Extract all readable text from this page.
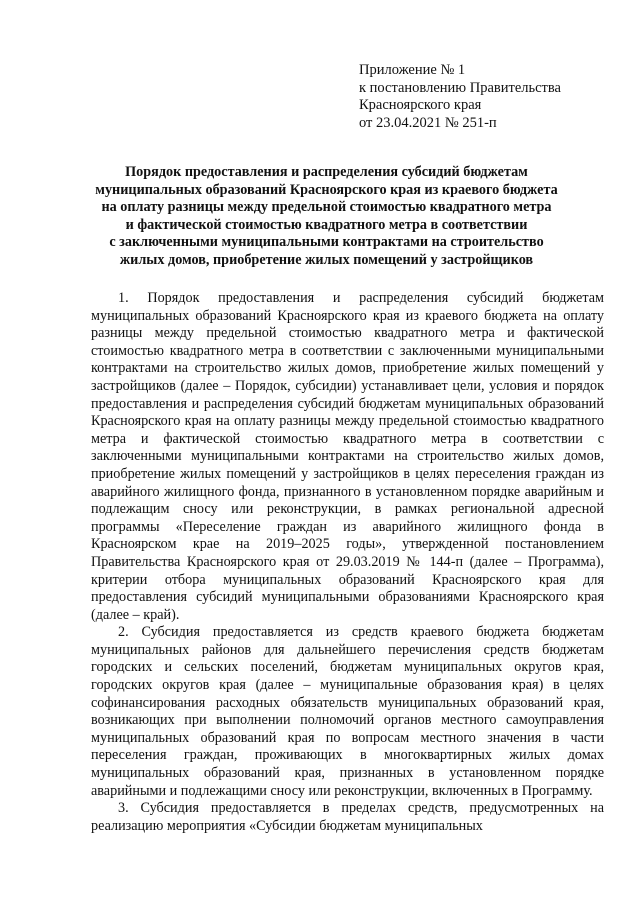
Приложение № 1
к постановлению Правительства
Красноярского края
от 23.04.2021 № 251-п
Порядок предоставления и распределения субсидий бюджетам
муниципальных образований Красноярского края из краевого бюджета
на оплату разницы между предельной стоимостью квадратного метра
и фактической стоимостью квадратного метра в соответствии
с заключенными муниципальными контрактами на строительство
жилых домов, приобретение жилых помещений у застройщиков

1. Порядок предоставления и распределения субсидий бюджетам муниципальных образований Красноярского края из краевого бюджета на оплату разницы между предельной стоимостью квадратного метра и фактической стоимостью квадратного метра в соответствии с заключенными муниципальными контрактами на строительство жилых домов, приобретение жилых помещений у застройщиков (далее – Порядок, субсидии) устанавливает цели, условия и порядок предоставления и распределения субсидий бюджетам муниципальных образований Красноярского края на оплату разницы между предельной стоимостью квадратного метра и фактической стоимостью квадратного метра в соответствии с заключенными муниципальными контрактами на строительство жилых домов, приобретение жилых помещений у застройщиков в целях переселения граждан из аварийного жилищного фонда, признанного в установленном порядке аварийным и подлежащим сносу или реконструкции, в рамках региональной адресной программы «Переселение граждан из аварийного жилищного фонда в Красноярском крае на 2019–2025 годы», утвержденной постановлением Правительства Красноярского края от 29.03.2019 № 144-п (далее – Программа), критерии отбора муниципальных образований Красноярского края для предоставления субсидий муниципальными образованиями Красноярского края (далее – край).

2. Субсидия предоставляется из средств краевого бюджета бюджетам муниципальных районов для дальнейшего перечисления средств бюджетам городских и сельских поселений, бюджетам муниципальных округов края, городских округов края (далее – муниципальные образования края) в целях софинансирования расходных обязательств муниципальных образований края, возникающих при выполнении полномочий органов местного самоуправления муниципальных образований края по вопросам местного значения в части переселения граждан, проживающих в многоквартирных жилых домах муниципальных образований края, признанных в установленном порядке аварийными и подлежащими сносу или реконструкции, включенных в Программу.

3. Субсидия предоставляется в пределах средств, предусмотренных на реализацию мероприятия «Субсидии бюджетам муниципальных
